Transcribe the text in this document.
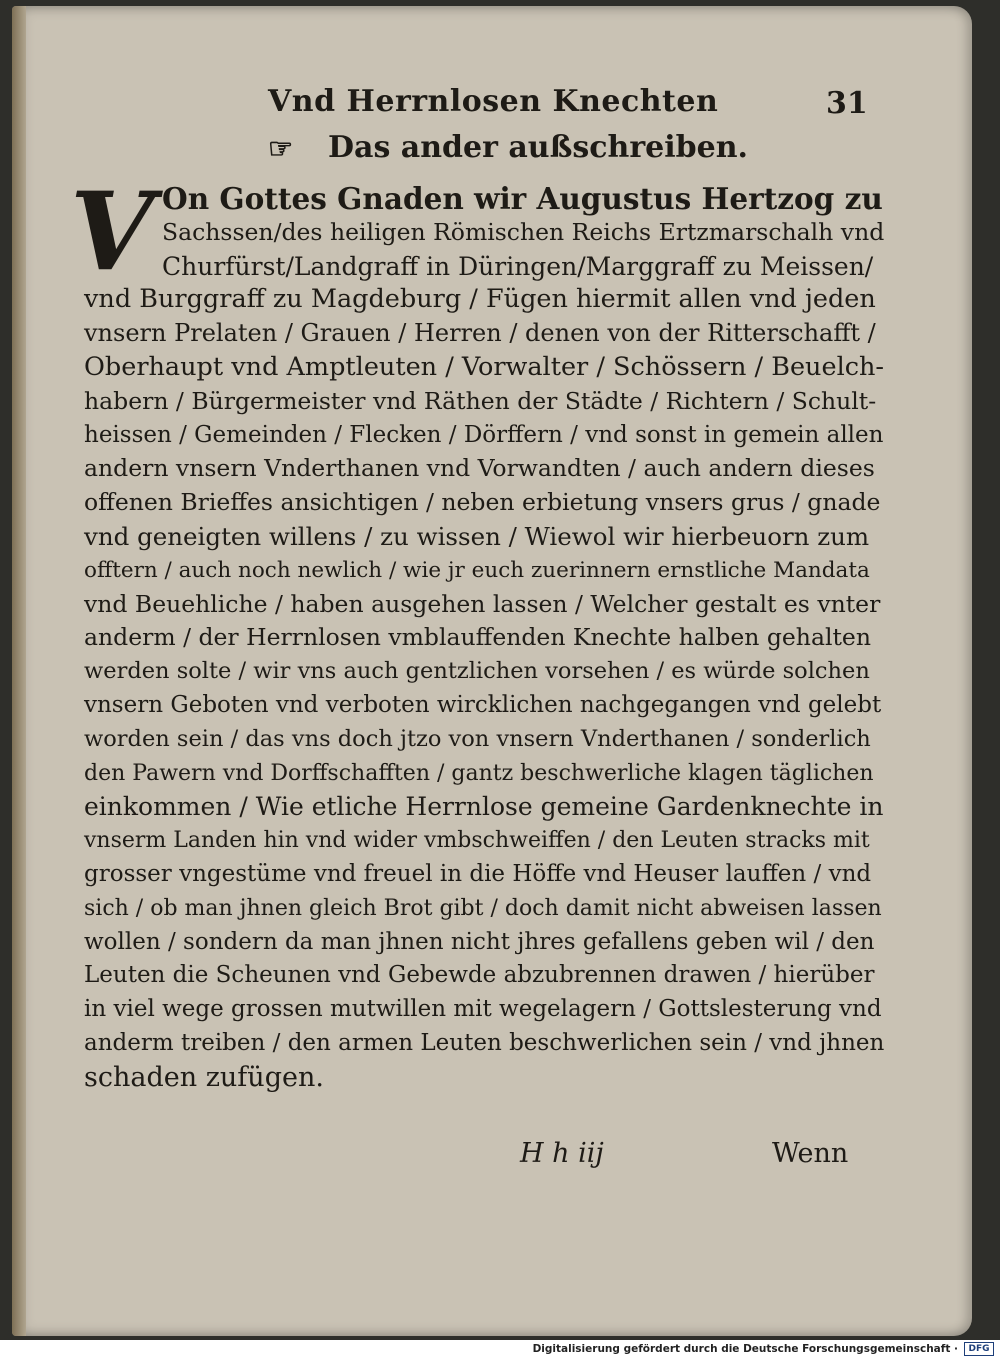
Vnd Herrnlosen Knechten	31
☞ Das ander außschreiben.
V On Gottes Gnaden wir Augustus Hertzog zu
Sachssen/des heiligen Römischen Reichs Ertzmarschalh vnd
Churfürst/Landgraff in Düringen/Marggraff zu Meissen/
vnd Burggraff zu Magdeburg / Fügen hiermit allen vnd jeden
vnsern Prelaten / Grauen / Herren / denen von der Ritterschafft /
Oberhaupt vnd Amptleuten / Vorwalter / Schössern / Beuelch-
habern / Bürgermeister vnd Räthen der Städte / Richtern / Schult-
heissen / Gemeinden / Flecken / Dörffern / vnd sonst in gemein allen
andern vnsern Vnderthanen vnd Vorwandten / auch andern dieses
offenen Brieffes ansichtigen / neben erbietung vnsers grus / gnade
vnd geneigten willens / zu wissen / Wiewol wir hierbeuorn zum
offtern / auch noch newlich / wie jr euch zuerinnern ernstliche Mandata
vnd Beuehliche / haben ausgehen lassen / Welcher gestalt es vnter
anderm / der Herrnlosen vmblauffenden Knechte halben gehalten
werden solte / wir vns auch gentzlichen vorsehen / es würde solchen
vnsern Geboten vnd verboten wircklichen nachgegangen vnd gelebt
worden sein / das vns doch jtzo von vnsern Vnderthanen / sonderlich
den Pawern vnd Dorffschafften / gantz beschwerliche klagen täglichen
einkommen / Wie etliche Herrnlose gemeine Gardenknechte in
vnserm Landen hin vnd wider vmbschweiffen / den Leuten stracks mit
grosser vngestüme vnd freuel in die Höffe vnd Heuser lauffen / vnd
sich / ob man jhnen gleich Brot gibt / doch damit nicht abweisen lassen
wollen / sondern da man jhnen nicht jhres gefallens geben wil / den
Leuten die Scheunen vnd Gebewde abzubrennen drawen / hierüber
in viel wege grossen mutwillen mit wegelagern / Gottslesterung vnd
anderm treiben / den armen Leuten beschwerlichen sein / vnd jhnen
schaden zufügen.
H h iij	Wenn
Digitalisierung gefördert durch die Deutsche Forschungsgemeinschaft ·	DFG
